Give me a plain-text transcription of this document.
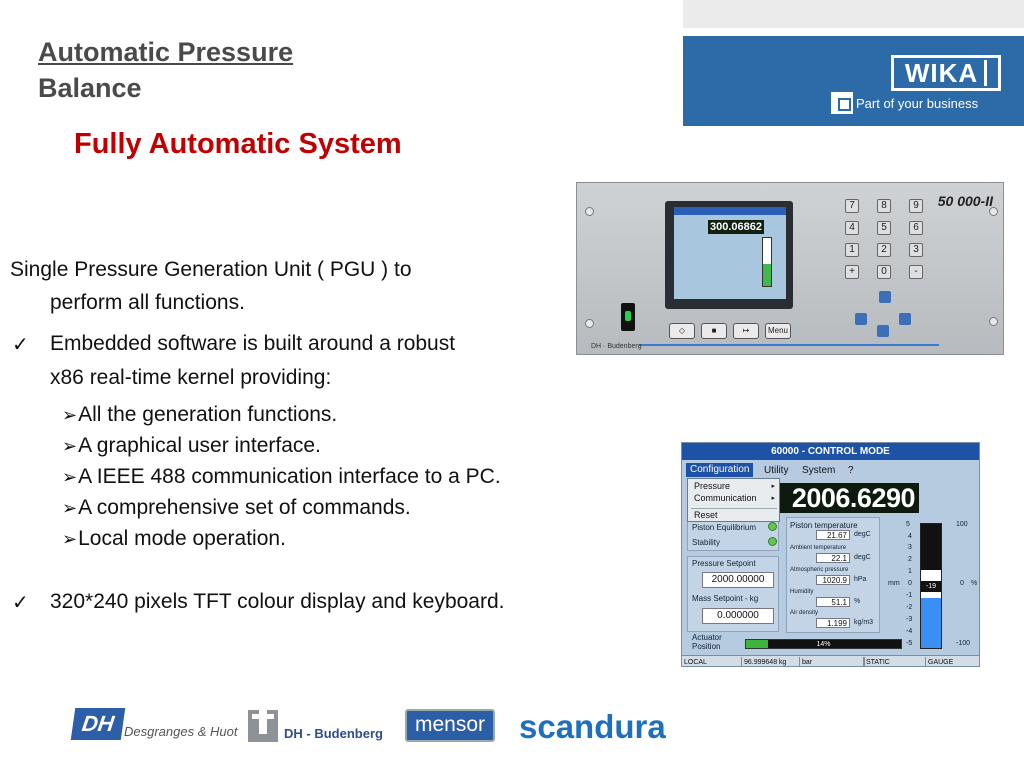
WIKA
Part of your business
Automatic Pressure
Balance
Fully Automatic System
Single Pressure Generation Unit ( PGU ) to
perform all functions.
✓ Embedded software is built around a robust
x86 real-time kernel providing:
➢All the generation functions.
➢A graphical user interface.
➢A IEEE 488 communication interface to a PC.
➢A comprehensive set of commands.
➢Local mode operation.
✓ 320*240 pixels TFT colour display and keyboard.
50 000-II
300.06862
◇	■	↦	Menu
7	8	9
4	5	6
1	2	3
+	0	-
DH · Budenberg
60000 - CONTROL MODE
Configuration	Utility System ?
2006.6290
Piston Equilibrium
Stability
Pressure Setpoint
2000.00000
Mass Setpoint - kg
0.000000
Piston temperature
21.67	degC
Ambient temperature
22.1	degC
Atmospheric pressure
1020.9	hPa
Humidity
51.1	%
Air density
1.199	kg/m3
-19
5
4
3
2
1
0
-1
-2
-3
-4
-5
mm
100
0 %
-100
Actuator
Position	14%
LOCAL	96.999648 kg	bar	STATIC	GAUGE
Pressure	▸
Communication ▸
Reset
DH Desgranges & Huot	DH - Budenberg	mensor	scandura
